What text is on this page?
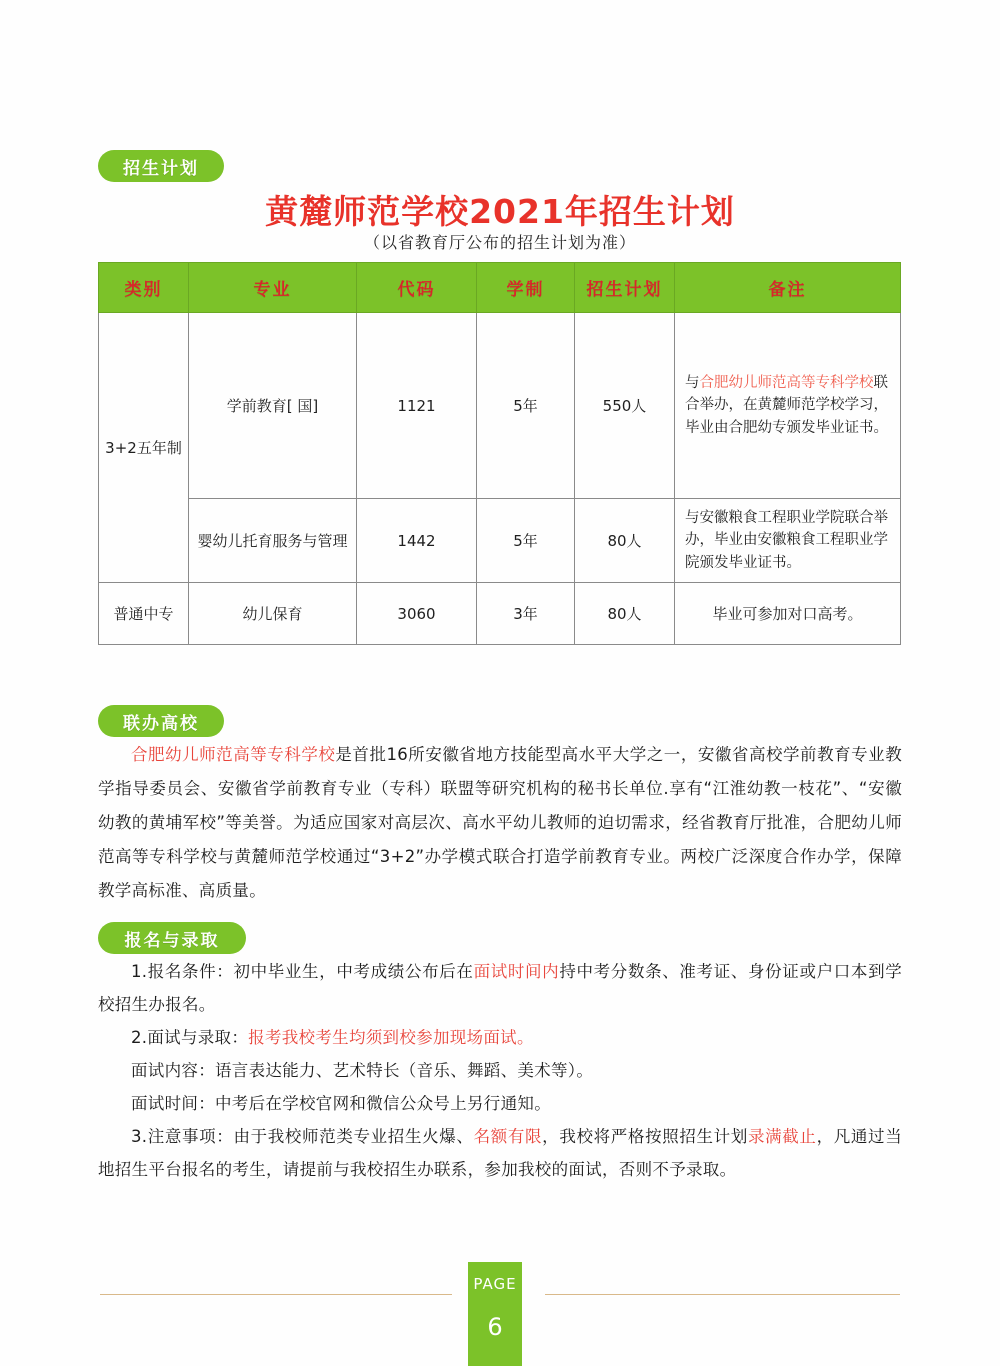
招生计划
黄麓师范学校2021年招生计划
（以省教育厅公布的招生计划为准）
类别	专业	代码	学制	招生计划	备注
3+2五年制	学前教育[ 国]	1121	5年	550人	与合肥幼儿师范高等专科学校联合举办，在黄麓师范学校学习，毕业由合肥幼专颁发毕业证书。
	婴幼儿托育服务与管理	1442	5年	80人	与安徽粮食工程职业学院联合举办，毕业由安徽粮食工程职业学院颁发毕业证书。
普通中专	幼儿保育	3060	3年	80人	毕业可参加对口高考。
联办高校
合肥幼儿师范高等专科学校是首批16所安徽省地方技能型高水平大学之一，安徽省高校学前教育专业教学指导委员会、安徽省学前教育专业（专科）联盟等研究机构的秘书长单位.享有“江淮幼教一枝花”、“安徽幼教的黄埔军校”等美誉。为适应国家对高层次、高水平幼儿教师的迫切需求，经省教育厅批准，合肥幼儿师范高等专科学校与黄麓师范学校通过“3+2”办学模式联合打造学前教育专业。两校广泛深度合作办学，保障教学高标准、高质量。
报名与录取
1.报名条件：初中毕业生，中考成绩公布后在面试时间内持中考分数条、准考证、身份证或户口本到学校招生办报名。
2.面试与录取：报考我校考生均须到校参加现场面试。
面试内容：语言表达能力、艺术特长（音乐、舞蹈、美术等）。
面试时间：中考后在学校官网和微信公众号上另行通知。
3.注意事项：由于我校师范类专业招生火爆、名额有限，我校将严格按照招生计划录满截止，凡通过当地招生平台报名的考生，请提前与我校招生办联系，参加我校的面试，否则不予录取。
PAGE
6
